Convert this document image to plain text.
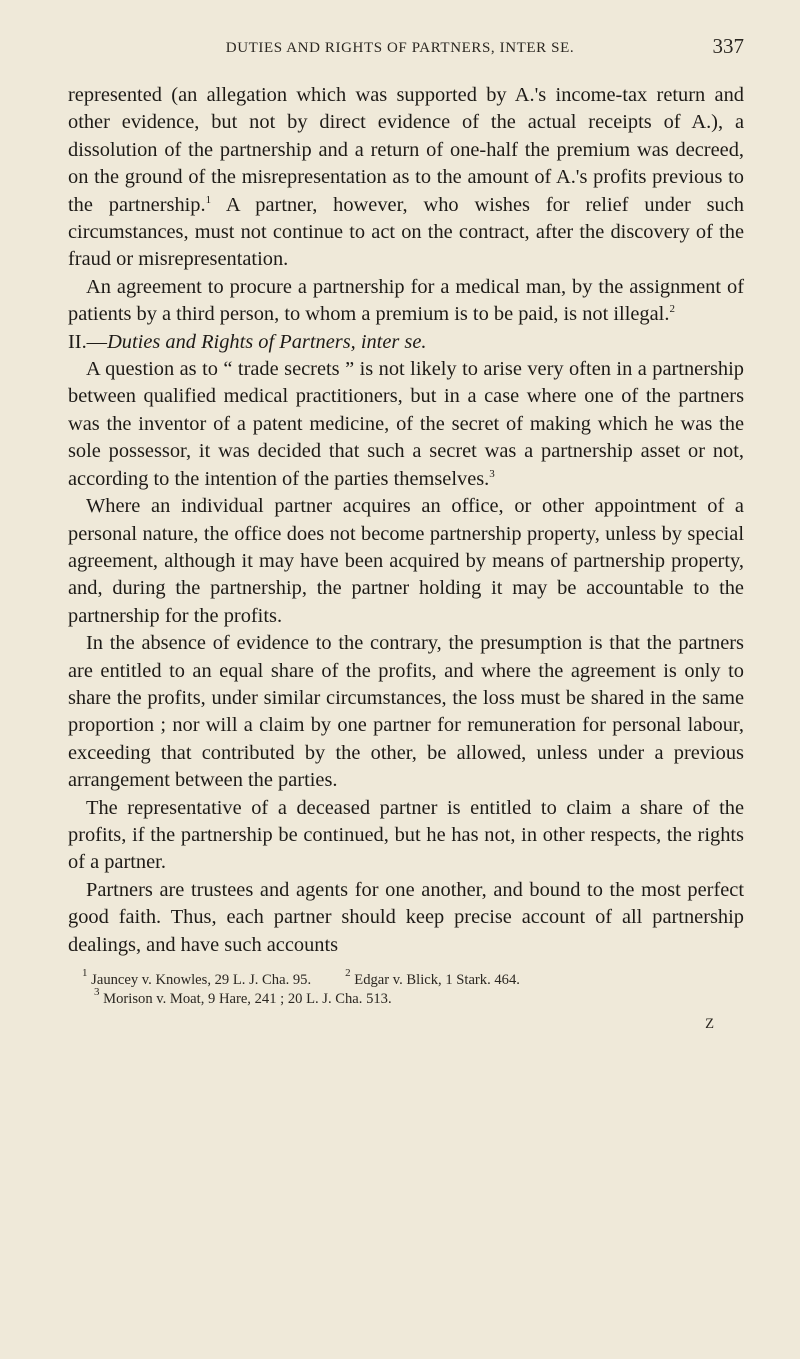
DUTIES AND RIGHTS OF PARTNERS, INTER SE.	337

represented (an allegation which was supported by A.'s income-tax return and other evidence, but not by direct evidence of the actual receipts of A.), a dissolution of the partnership and a return of one-half the premium was decreed, on the ground of the misrepresentation as to the amount of A.'s profits previous to the partnership.$^1$ A partner, however, who wishes for relief under such circumstances, must not continue to act on the contract, after the discovery of the fraud or misrepresentation.

An agreement to procure a partnership for a medical man, by the assignment of patients by a third person, to whom a premium is to be paid, is not illegal.$^2$

II.—Duties and Rights of Partners, inter se.

A question as to “ trade secrets ” is not likely to arise very often in a partnership between qualified medical practitioners, but in a case where one of the partners was the inventor of a patent medicine, of the secret of making which he was the sole possessor, it was decided that such a secret was a partnership asset or not, according to the intention of the parties themselves.$^3$

Where an individual partner acquires an office, or other appointment of a personal nature, the office does not become partnership property, unless by special agreement, although it may have been acquired by means of partnership property, and, during the partnership, the partner holding it may be accountable to the partnership for the profits.

In the absence of evidence to the contrary, the presumption is that the partners are entitled to an equal share of the profits, and where the agreement is only to share the profits, under similar circumstances, the loss must be shared in the same proportion ; nor will a claim by one partner for remuneration for personal labour, exceeding that contributed by the other, be allowed, unless under a previous arrangement between the parties.

The representative of a deceased partner is entitled to claim a share of the profits, if the partnership be continued, but he has not, in other respects, the rights of a partner.

Partners are trustees and agents for one another, and bound to the most perfect good faith. Thus, each partner should keep precise account of all partnership dealings, and have such accounts

$^1$ Jauncey v. Knowles, 29 L. J. Cha. 95.	$^2$ Edgar v. Blick, 1 Stark. 464.
$^3$ Morison v. Moat, 9 Hare, 241 ; 20 L. J. Cha. 513.
Z
